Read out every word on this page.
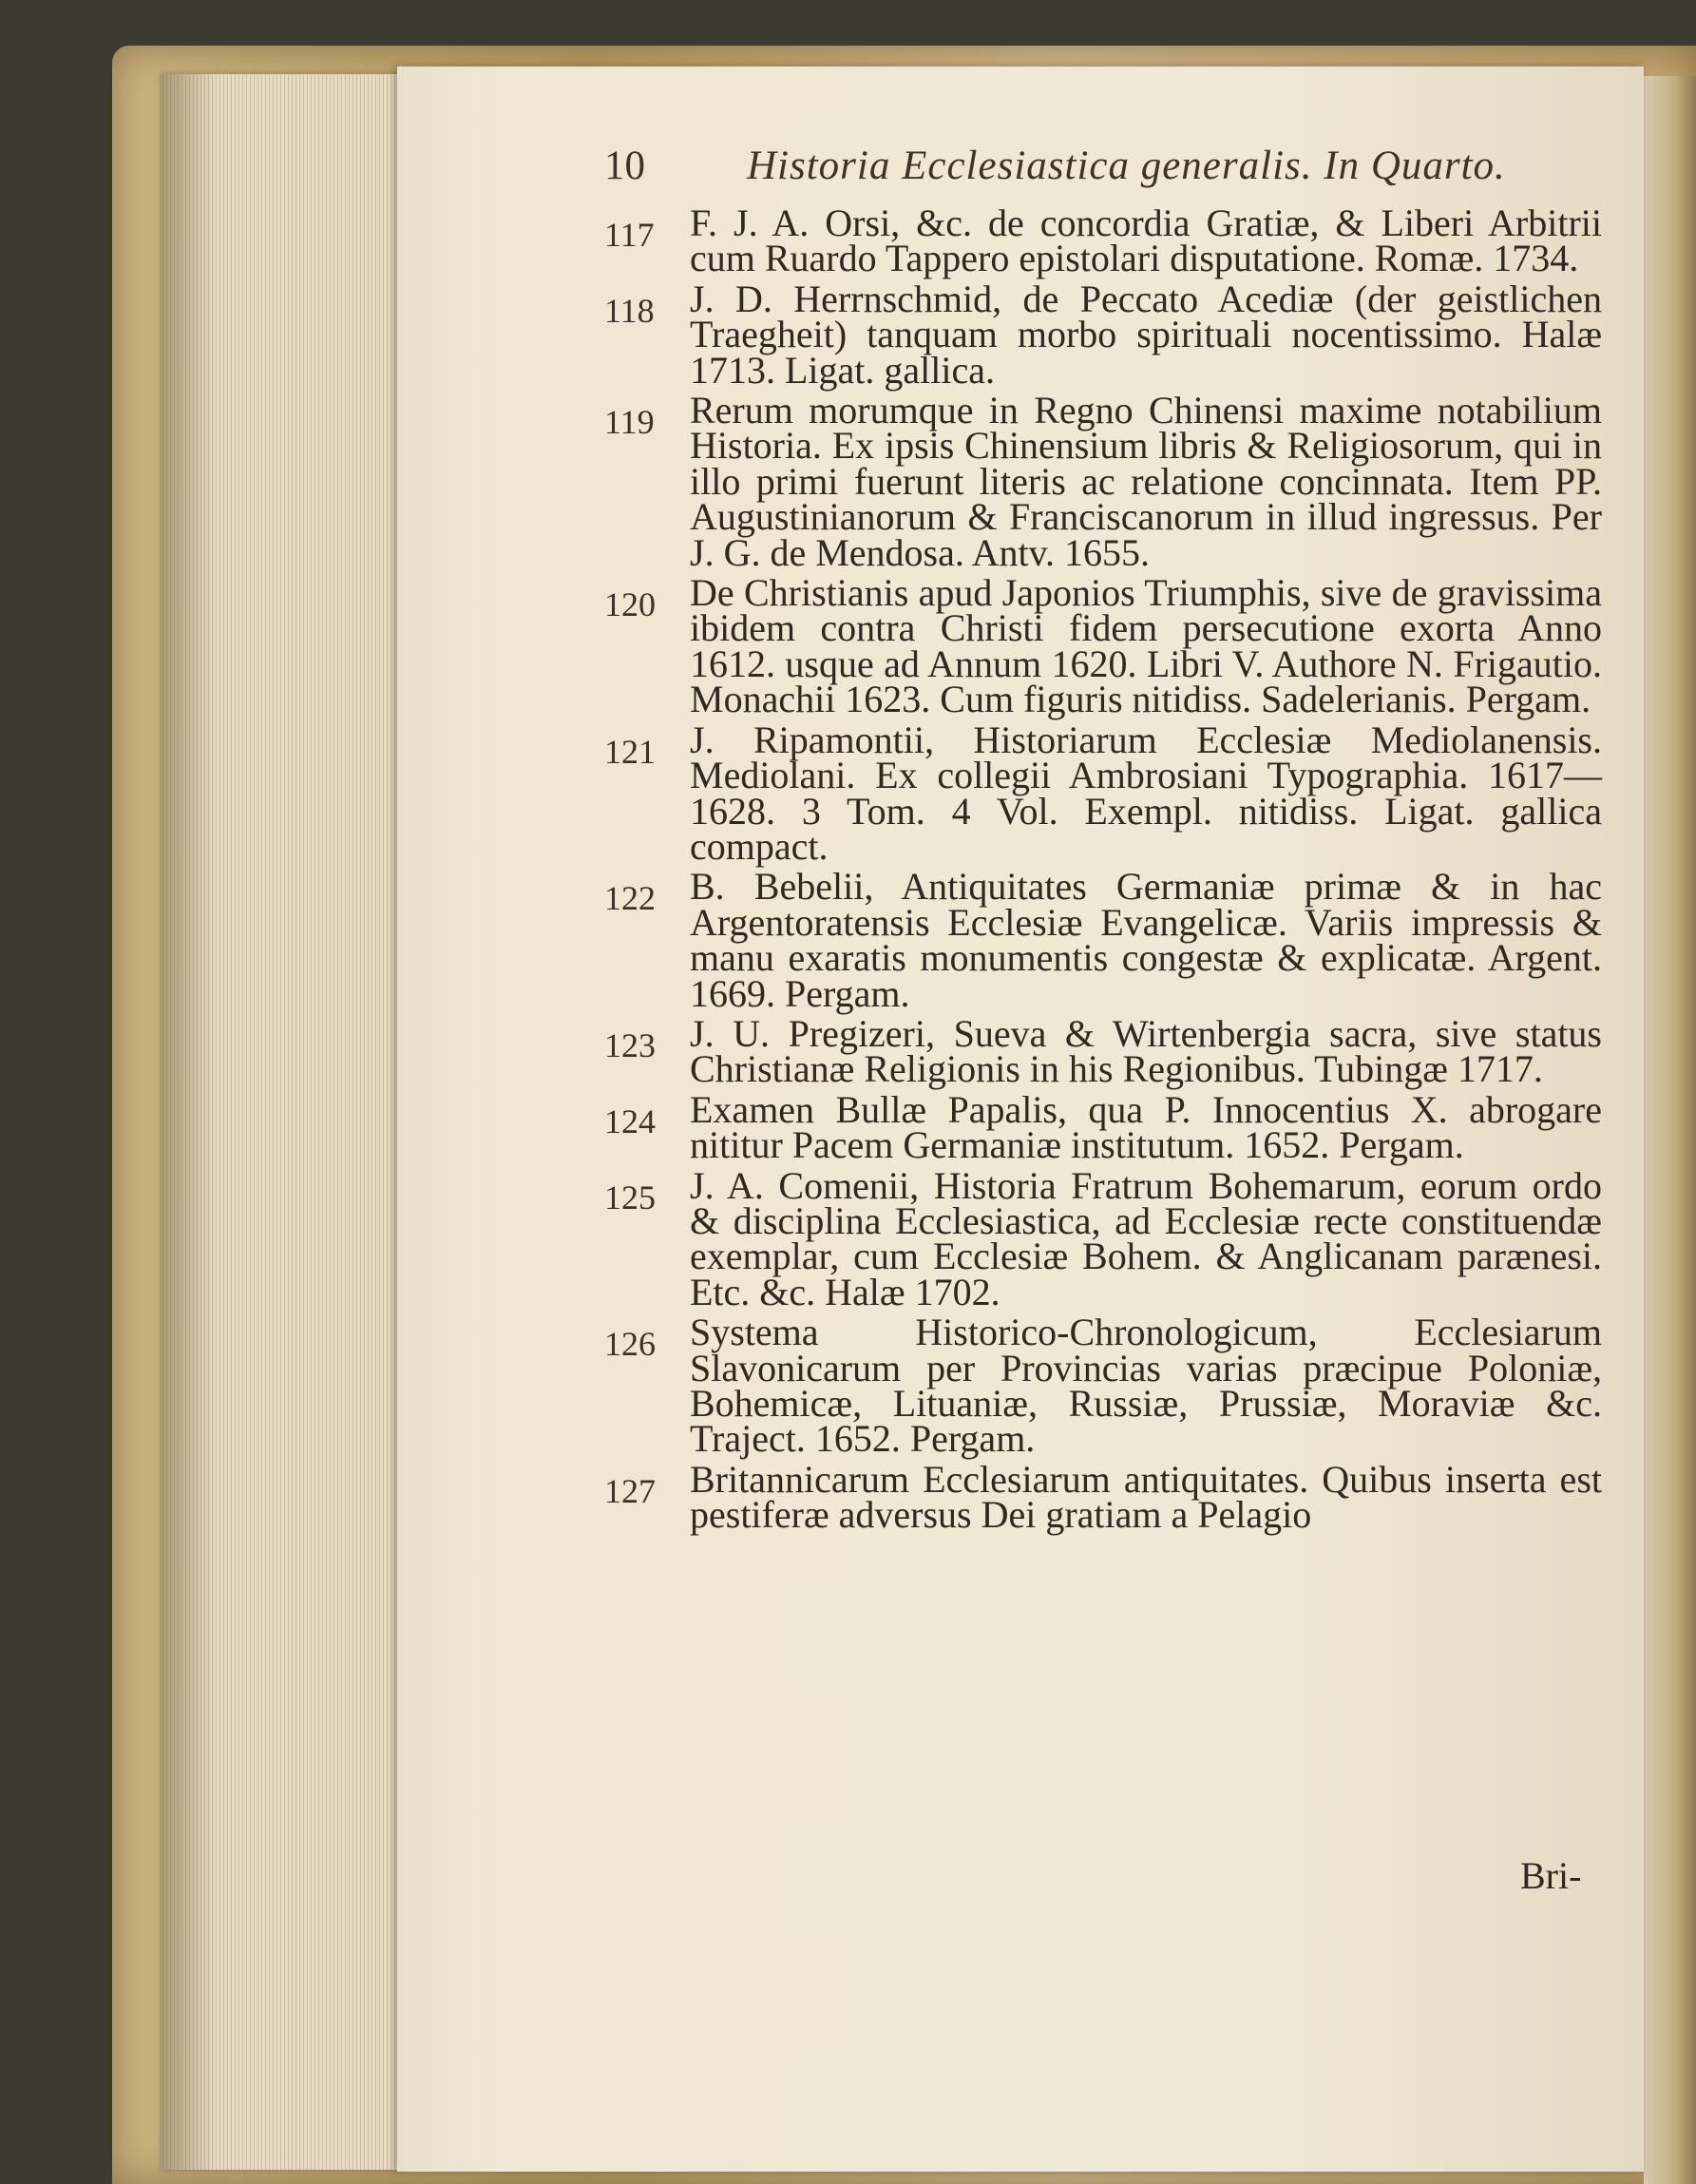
10 Historia Ecclesiastica generalis. In Quarto.
117 F. J. A. Orsi, &c. de concordia Gratiæ, & Liberi Arbitrii cum Ruardo Tappero epistolari disputatione. Romæ. 1734.
118 J. D. Herrnschmid, de Peccato Acediæ (der geistlichen Traegheit) tanquam morbo spirituali nocentissimo. Halæ 1713. Ligat. gallica.
119 Rerum morumque in Regno Chinensi maxime notabilium Historia. Ex ipsis Chinensium libris & Religiosorum, qui in illo primi fuerunt literis ac relatione concinnata. Item PP. Augustinianorum & Franciscanorum in illud ingressus. Per J. G. de Mendosa. Antv. 1655.
120 De Christianis apud Japonios Triumphis, sive de gravissima ibidem contra Christi fidem persecutione exorta Anno 1612. usque ad Annum 1620. Libri V. Authore N. Frigautio. Monachii 1623. Cum figuris nitidiss. Sadelerianis. Pergam.
121 J. Ripamontii, Historiarum Ecclesiæ Mediolanensis. Mediolani. Ex collegii Ambrosiani Typographia. 1617—1628. 3 Tom. 4 Vol. Exempl. nitidiss. Ligat. gallica compact.
122 B. Bebelii, Antiquitates Germaniæ primæ & in hac Argentoratensis Ecclesiæ Evangelicæ. Variis impressis & manu exaratis monumentis congestæ & explicatæ. Argent. 1669. Pergam.
123 J. U. Pregizeri, Sueva & Wirtenbergia sacra, sive status Christianæ Religionis in his Regionibus. Tubingæ 1717.
124 Examen Bullæ Papalis, qua P. Innocentius X. abrogare nititur Pacem Germaniæ institutum. 1652. Pergam.
125 J. A. Comenii, Historia Fratrum Bohemarum, eorum ordo & disciplina Ecclesiastica, ad Ecclesiæ recte constituendæ exemplar, cum Ecclesiæ Bohem. & Anglicanam parænesi. Etc. &c. Halæ 1702.
126 Systema Historico-Chronologicum, Ecclesiarum Slavonicarum per Provincias varias præcipue Poloniæ, Bohemicæ, Lituaniæ, Russiæ, Prussiæ, Moraviæ &c. Traject. 1652. Pergam.
127 Britannicarum Ecclesiarum antiquitates. Quibus inserta est pestiferæ adversus Dei gratiam a Pelagio
Bri-
